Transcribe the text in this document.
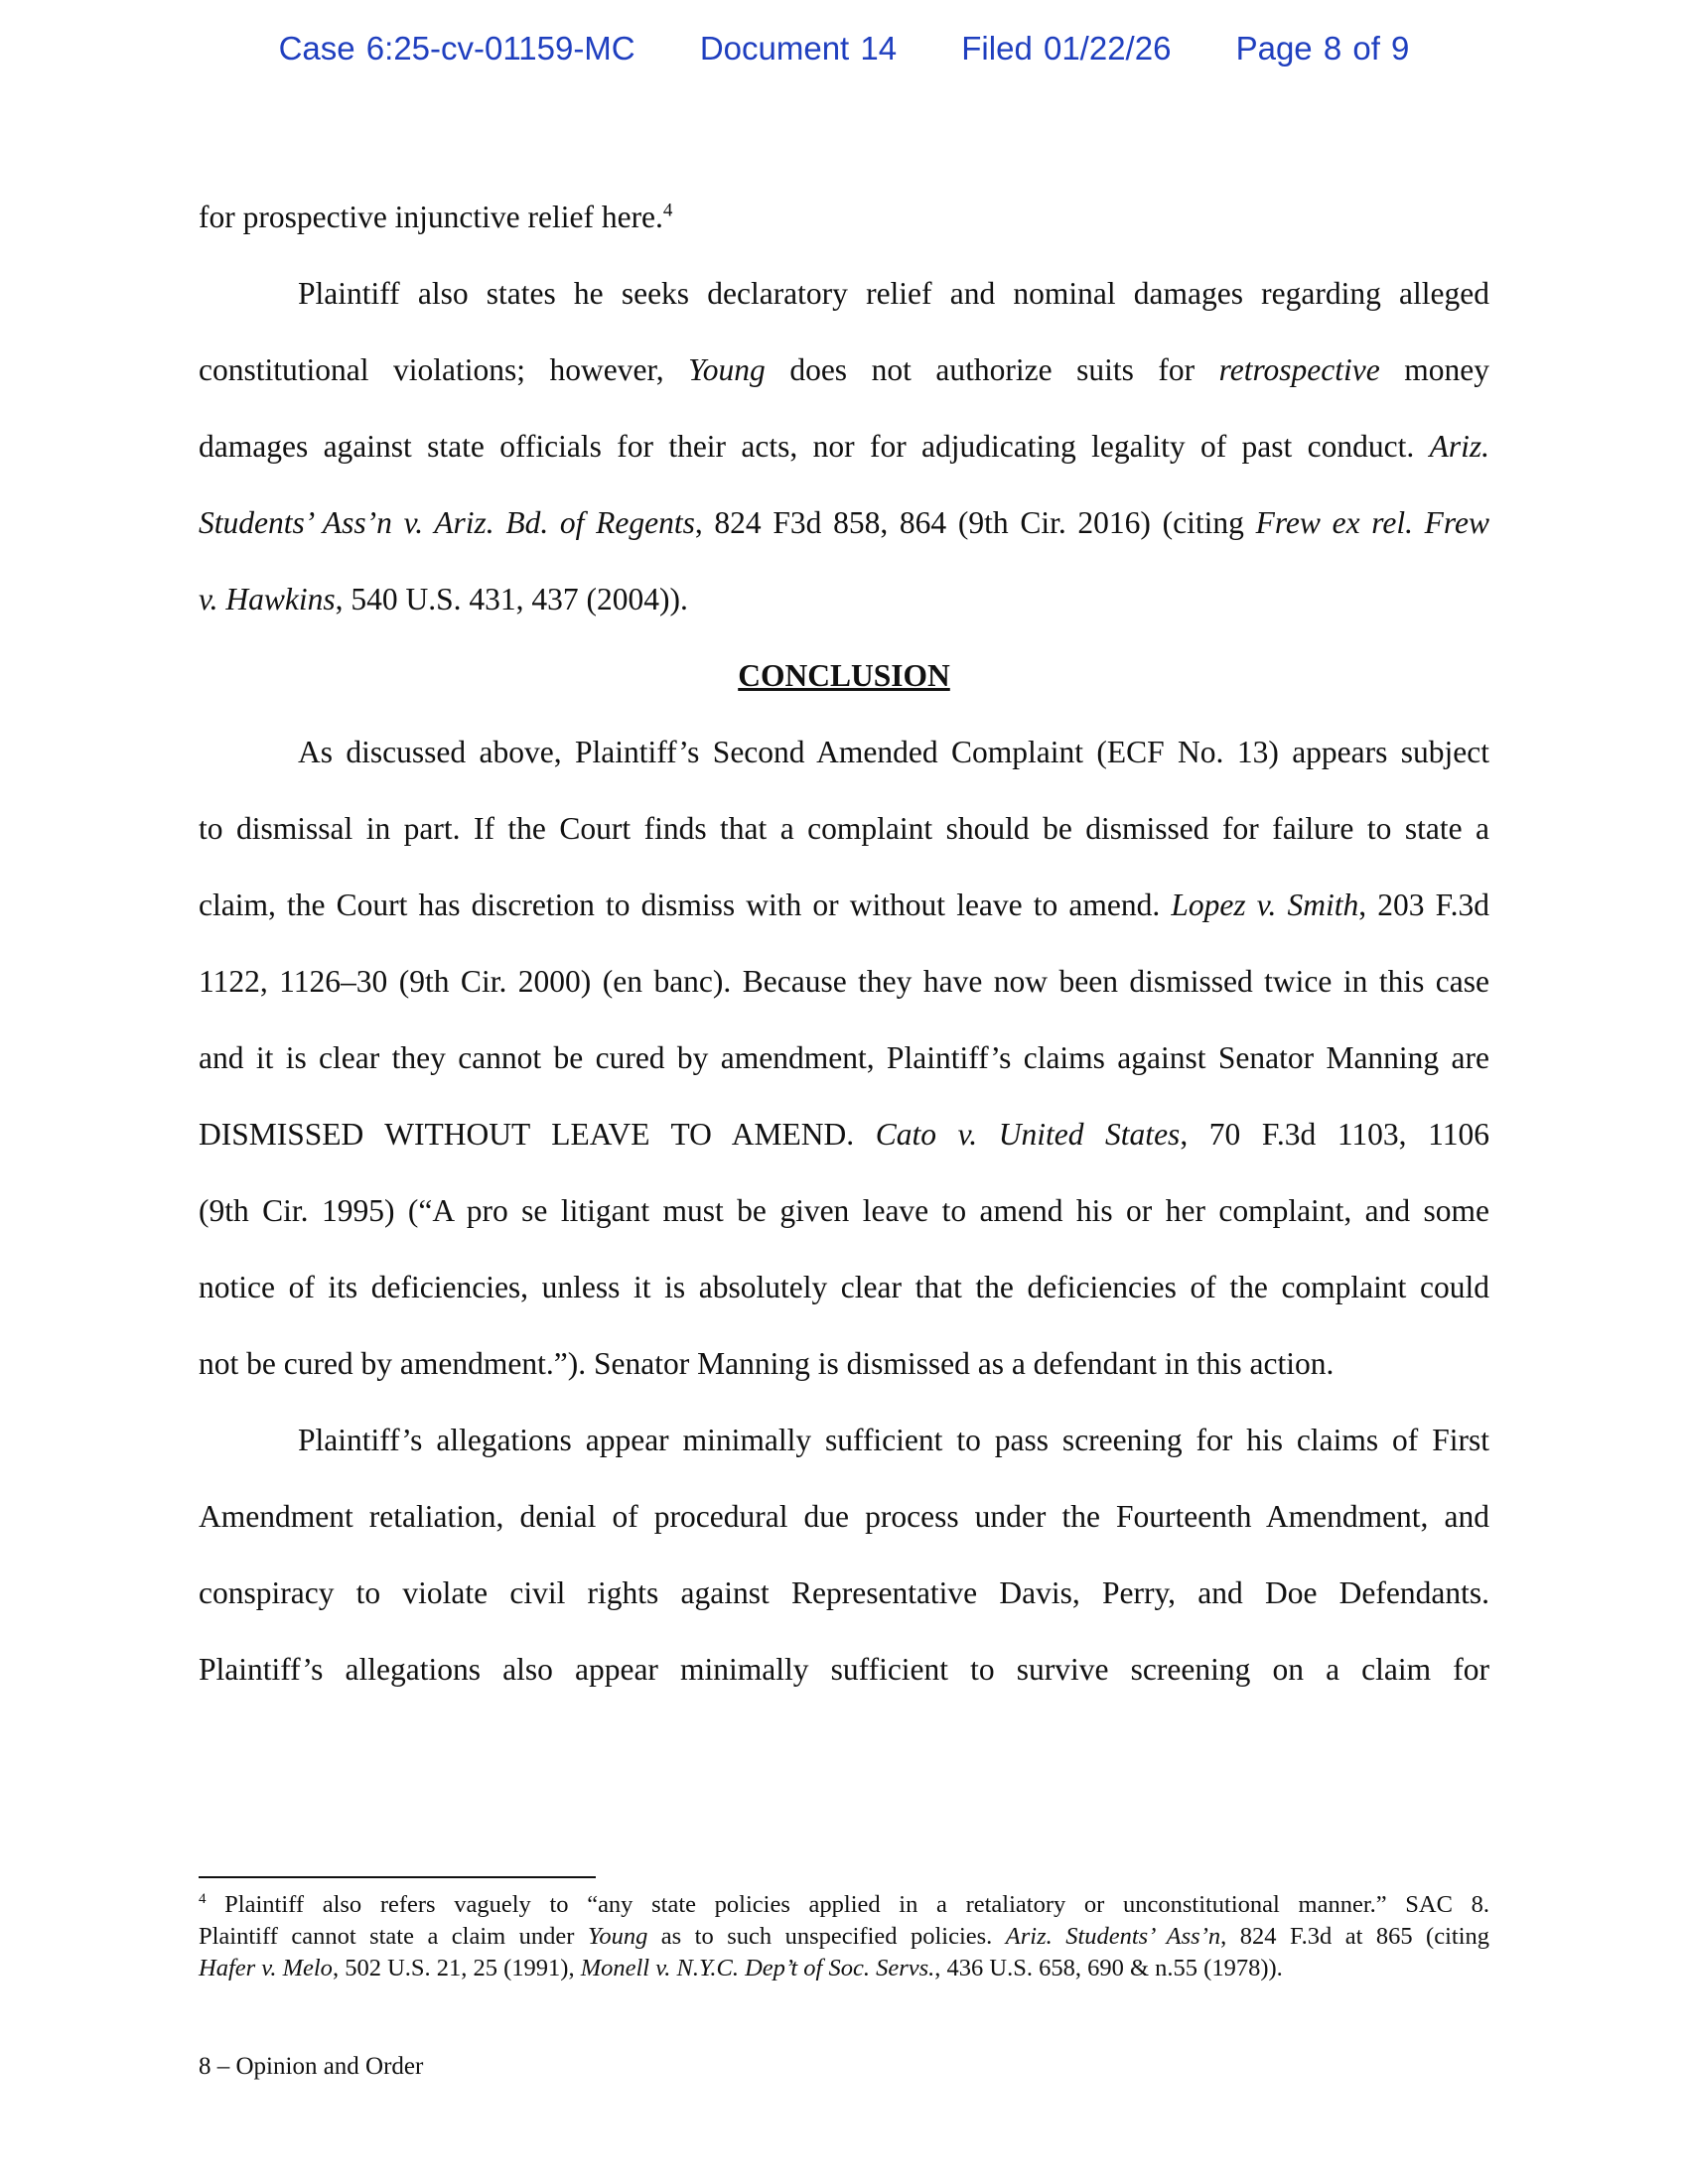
Case 6:25-cv-01159-MC Document 14 Filed 01/22/26 Page 8 of 9
for prospective injunctive relief here.$^4$
Plaintiff also states he seeks declaratory relief and nominal damages regarding alleged
constitutional violations; however, Young does not authorize suits for retrospective money
damages against state officials for their acts, nor for adjudicating legality of past conduct. Ariz.
Students’ Ass’n v. Ariz. Bd. of Regents, 824 F3d 858, 864 (9th Cir. 2016) (citing Frew ex rel. Frew
v. Hawkins, 540 U.S. 431, 437 (2004)).
CONCLUSION
As discussed above, Plaintiff’s Second Amended Complaint (ECF No. 13) appears subject
to dismissal in part. If the Court finds that a complaint should be dismissed for failure to state a
claim, the Court has discretion to dismiss with or without leave to amend. Lopez v. Smith, 203 F.3d
1122, 1126–30 (9th Cir. 2000) (en banc). Because they have now been dismissed twice in this case
and it is clear they cannot be cured by amendment, Plaintiff’s claims against Senator Manning are
DISMISSED WITHOUT LEAVE TO AMEND. Cato v. United States, 70 F.3d 1103, 1106
(9th Cir. 1995) (“A pro se litigant must be given leave to amend his or her complaint, and some
notice of its deficiencies, unless it is absolutely clear that the deficiencies of the complaint could
not be cured by amendment.”). Senator Manning is dismissed as a defendant in this action.
Plaintiff’s allegations appear minimally sufficient to pass screening for his claims of First
Amendment retaliation, denial of procedural due process under the Fourteenth Amendment, and
conspiracy to violate civil rights against Representative Davis, Perry, and Doe Defendants.
Plaintiff’s allegations also appear minimally sufficient to survive screening on a claim for
$^4$ Plaintiff also refers vaguely to “any state policies applied in a retaliatory or unconstitutional manner.” SAC 8.
Plaintiff cannot state a claim under Young as to such unspecified policies. Ariz. Students’ Ass’n, 824 F.3d at 865 (citing
Hafer v. Melo, 502 U.S. 21, 25 (1991), Monell v. N.Y.C. Dep’t of Soc. Servs., 436 U.S. 658, 690 & n.55 (1978)).
8 – Opinion and Order
